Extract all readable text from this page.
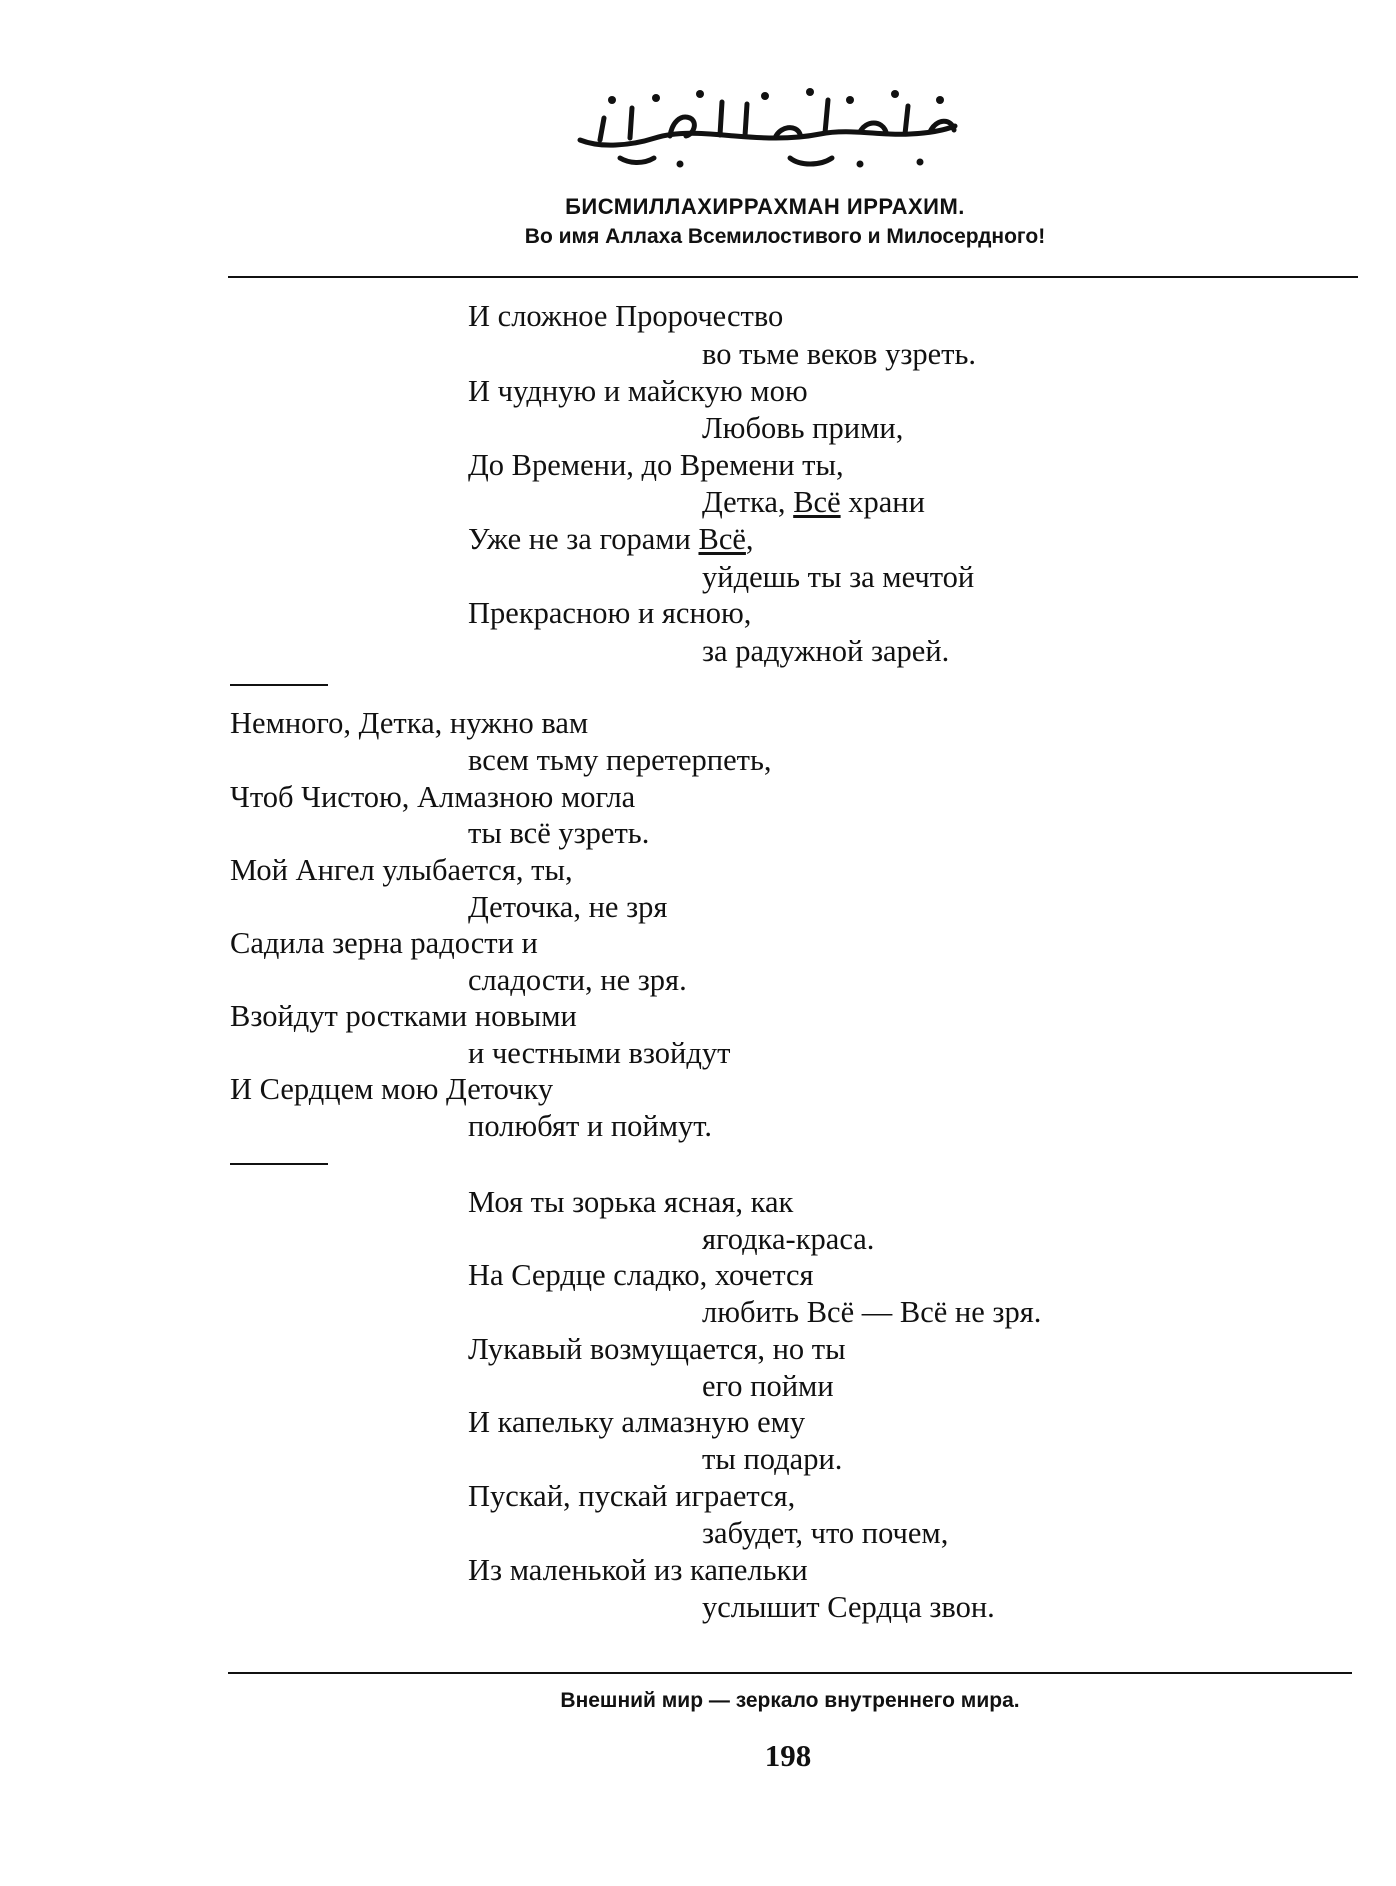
БИСМИЛЛАХИРРАХМАН ИРРАХИМ.
Во имя Аллаха Всемилостивого и Милосердного!
И сложное Пророчество
во тьме веков узреть.
И чудную и майскую мою
Любовь прими,
До Времени, до Времени ты,
Детка, Всё храни
Уже не за горами Всё,
уйдешь ты за мечтой
Прекрасною и ясною,
за радужной зарей.
Немного, Детка, нужно вам
всем тьму перетерпеть,
Чтоб Чистою, Алмазною могла
ты всё узреть.
Мой Ангел улыбается, ты,
Деточка, не зря
Садила зерна радости и
сладости, не зря.
Взойдут ростками новыми
и честными взойдут
И Сердцем мою Деточку
полюбят и поймут.
Моя ты зорька ясная, как
ягодка-краса.
На Сердце сладко, хочется
любить Всё — Всё не зря.
Лукавый возмущается, но ты
его пойми
И капельку алмазную ему
ты подари.
Пускай, пускай играется,
забудет, что почем,
Из маленькой из капельки
услышит Сердца звон.
Внешний мир — зеркало внутреннего мира.
198
